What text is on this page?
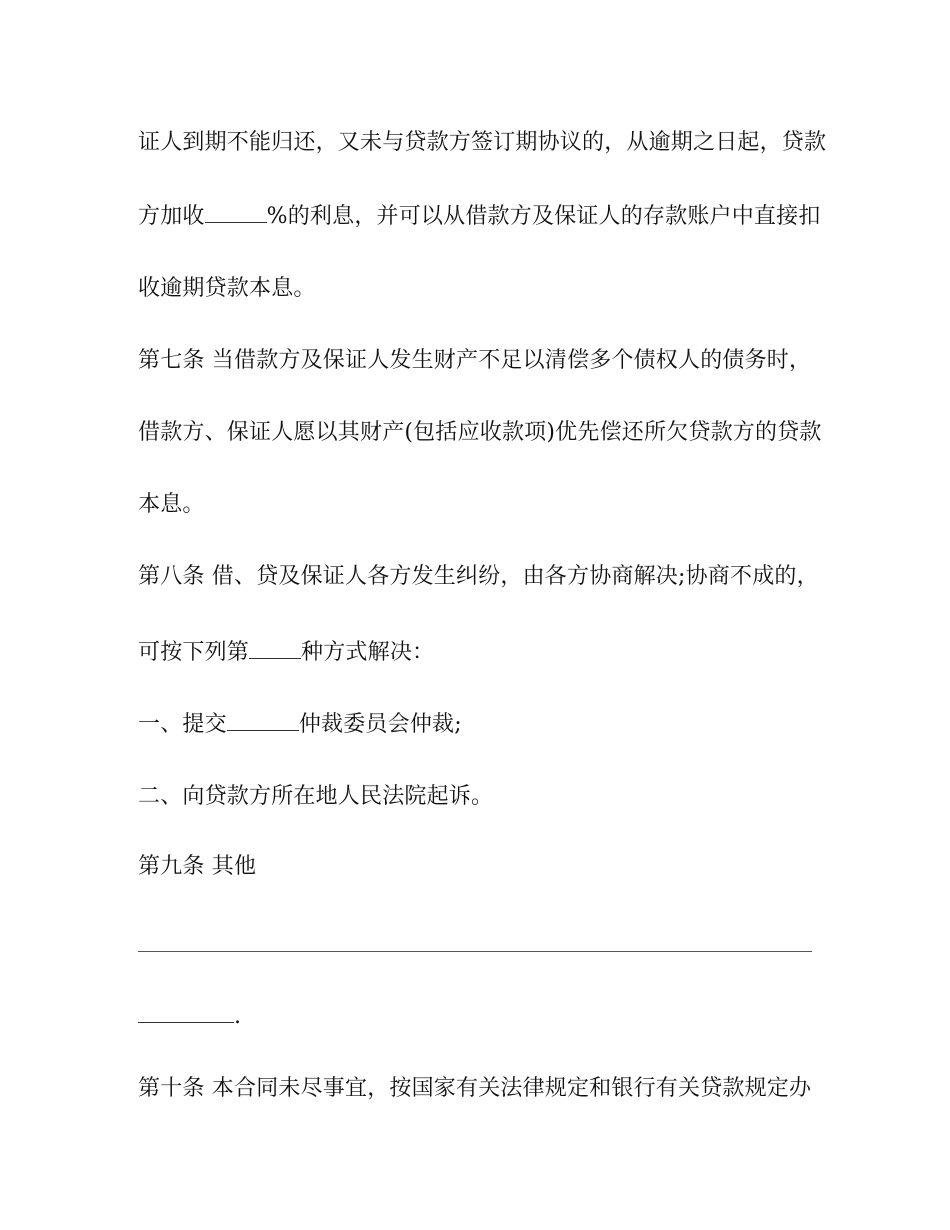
证人到期不能归还，又未与贷款方签订期协议的，从逾期之日起，贷款
方加收	%的利息，并可以从借款方及保证人的存款账户中直接扣
收逾期贷款本息。
第七条 当借款方及保证人发生财产不足以清偿多个债权人的债务时，
借款方、保证人愿以其财产(包括应收款项)优先偿还所欠贷款方的贷款
本息。
第八条 借、贷及保证人各方发生纠纷，由各方协商解决;协商不成的，
可按下列第 种方式解决：
一、提交	仲裁委员会仲裁;
二、向贷款方所在地人民法院起诉。
第九条 其他
.
第十条 本合同未尽事宜，按国家有关法律规定和银行有关贷款规定办
